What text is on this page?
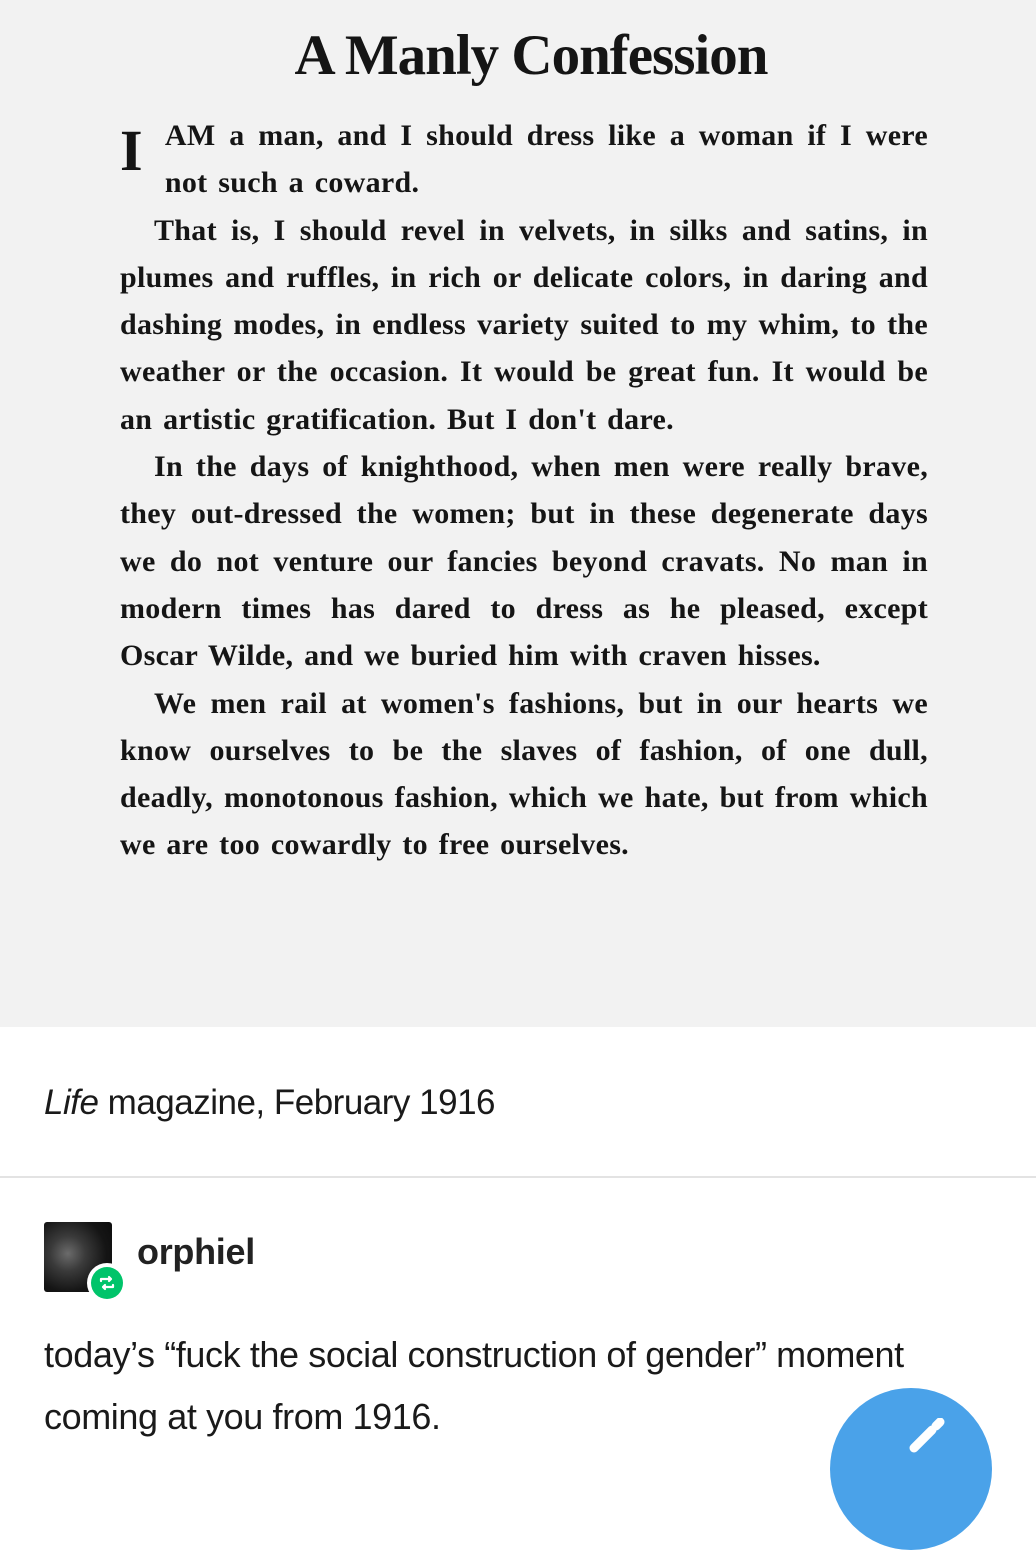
A Manly Confession

I AM a man, and I should dress like a woman if I were not such a coward.

That is, I should revel in velvets, in silks and satins, in plumes and ruffles, in rich or delicate colors, in daring and dashing modes, in endless variety suited to my whim, to the weather or the occasion. It would be great fun. It would be an artistic gratification. But I don't dare.

In the days of knighthood, when men were really brave, they out-dressed the women; but in these degenerate days we do not venture our fancies beyond cravats. No man in modern times has dared to dress as he pleased, except Oscar Wilde, and we buried him with craven hisses.

We men rail at women's fashions, but in our hearts we know ourselves to be the slaves of fashion, of one dull, deadly, monotonous fashion, which we hate, but from which we are too cowardly to free ourselves.

Life magazine, February 1916
orphiel

today’s “fuck the social construction of gender” moment coming at you from 1916.
